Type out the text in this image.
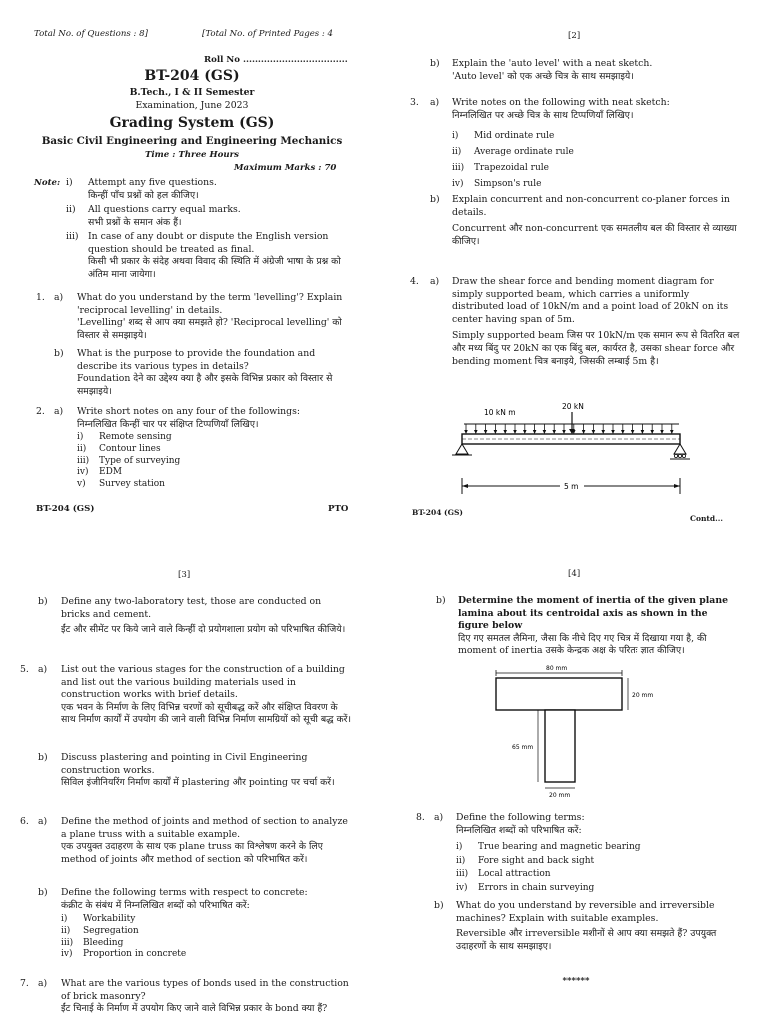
Total No. of Questions : 8]	[Total No. of Printed Pages : 4
Roll No ...................................
BT-204 (GS)
B.Tech., I & II Semester
Examination, June 2023
Grading System (GS)
Basic Civil Engineering and Engineering Mechanics
Time : Three Hours
Maximum Marks : 70
Note: i) Attempt any five questions.
किन्हीं पाँच प्रश्नों को हल कीजिए।
ii) All questions carry equal marks.
सभी प्रश्नों के समान अंक हैं।
iii) In case of any doubt or dispute the English version question should be treated as final.
किसी भी प्रकार के संदेह अथवा विवाद की स्थिति में अंग्रेजी भाषा के प्रश्न को अंतिम माना जायेगा।
1. a) What do you understand by the term 'levelling'? Explain 'reciprocal levelling' in details.
'Levelling' शब्द से आप क्या समझते हो? 'Reciprocal levelling' को विस्तार से समझाइये।
b) What is the purpose to provide the foundation and describe its various types in details?
Foundation देने का उद्देश्य क्या है और इसके विभिन्न प्रकार को विस्तार से समझाइये।
2. a) Write short notes on any four of the followings:
निम्नलिखित किन्हीं चार पर संक्षिप्त टिप्पणियाँ लिखिए।
i)	Remote sensing
ii)	Contour lines
iii)	Type of surveying
iv)	EDM
v)	Survey station
BT-204 (GS)	PTO
[2]
b) Explain the 'auto level' with a neat sketch.
'Auto level' को एक अच्छे चित्र के साथ समझाइये।
3. a) Write notes on the following with neat sketch:
निम्नलिखित पर अच्छे चित्र के साथ टिप्पणियाँ लिखिए।
i)	Mid ordinate rule
ii)	Average ordinate rule
iii)	Trapezoidal rule
iv)	Simpson's rule
b) Explain concurrent and non-concurrent co-planer forces in details.
Concurrent और non-concurrent एक समतलीय बल की विस्तार से व्याख्या कीजिए।
4. a) Draw the shear force and bending moment diagram for simply supported beam, which carries a uniformly distributed load of 10kN/m and a point load of 20kN on its center having span of 5m.
Simply supported beam जिस पर 10kN/m एक समान रूप से वितरित बल और मध्य बिंदु पर 20kN का एक बिंदु बल, कार्यरत है, उसका shear force और bending moment चित्र बनाइये, जिसकी लम्बाई 5m है।
10 kN m
20 kN
5 m
BT-204 (GS)
Contd...
[3]
b) Define any two-laboratory test, those are conducted on bricks and cement.
ईंट और सीमेंट पर किये जाने वाले किन्हीं दो प्रयोगशाला प्रयोग को परिभाषित कीजिये।
5. a) List out the various stages for the construction of a building and list out the various building materials used in construction works with brief details.
एक भवन के निर्माण के लिए विभिन्न चरणों को सूचीबद्ध करें और संक्षिप्त विवरण के साथ निर्माण कार्यों में उपयोग की जाने वाली विभिन्न निर्माण सामग्रियों को सूची बद्ध करें।
b) Discuss plastering and pointing in Civil Engineering construction works.
सिविल इंजीनियरिंग निर्माण कार्यों में plastering और pointing पर चर्चा करें।
6. a) Define the method of joints and method of section to analyze a plane truss with a suitable example.
एक उपयुक्त उदाहरण के साथ एक plane truss का विश्लेषण करने के लिए method of joints और method of section को परिभाषित करें।
b) Define the following terms with respect to concrete:
कंक्रीट के संबंध में निम्नलिखित शब्दों को परिभाषित करें:
i)	Workability
ii)	Segregation
iii)	Bleeding
iv)	Proportion in concrete
7. a) What are the various types of bonds used in the construction of brick masonry?
ईंट चिनाई के निर्माण में उपयोग किए जाने वाले विभिन्न प्रकार के bond क्या हैं?
[4]
b) Determine the moment of inertia of the given plane lamina about its centroidal axis as shown in the figure below
दिए गए समतल लैमिना, जैसा कि नीचे दिए गए चित्र में दिखाया गया है, की moment of inertia उसके केन्द्रक अक्ष के परितः ज्ञात कीजिए।
80 mm
20 mm
65 mm
20 mm
8. a) Define the following terms:
निम्नलिखित शब्दों को परिभाषित करें:
i)	True bearing and magnetic bearing
ii)	Fore sight and back sight
iii)	Local attraction
iv)	Errors in chain surveying
b) What do you understand by reversible and irreversible machines? Explain with suitable examples.
Reversible और irreversible मशीनों से आप क्या समझते हैं? उपयुक्त उदाहरणों के साथ समझाइए।
******
